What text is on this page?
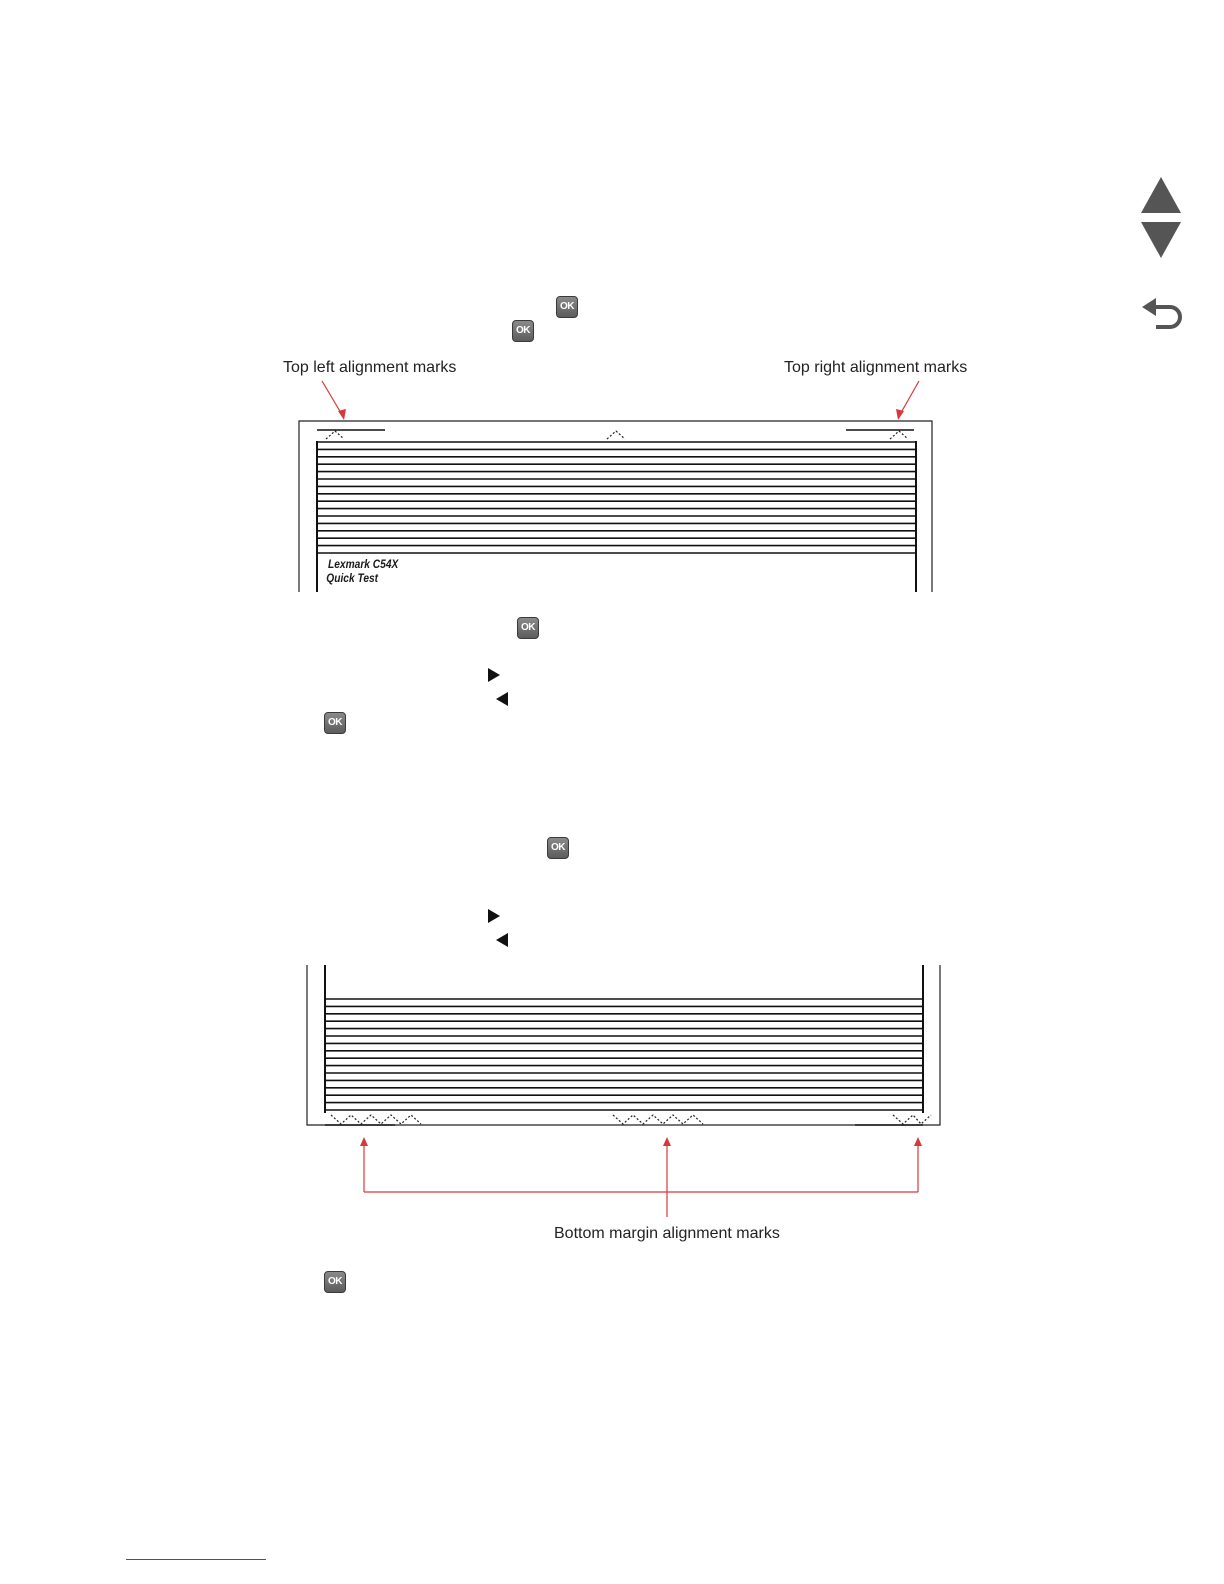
OK
OK
OK
OK
OK
OK
Top left alignment marks	Top right alignment marks
Lexmark C54X
Quick Test
Bottom margin alignment marks
